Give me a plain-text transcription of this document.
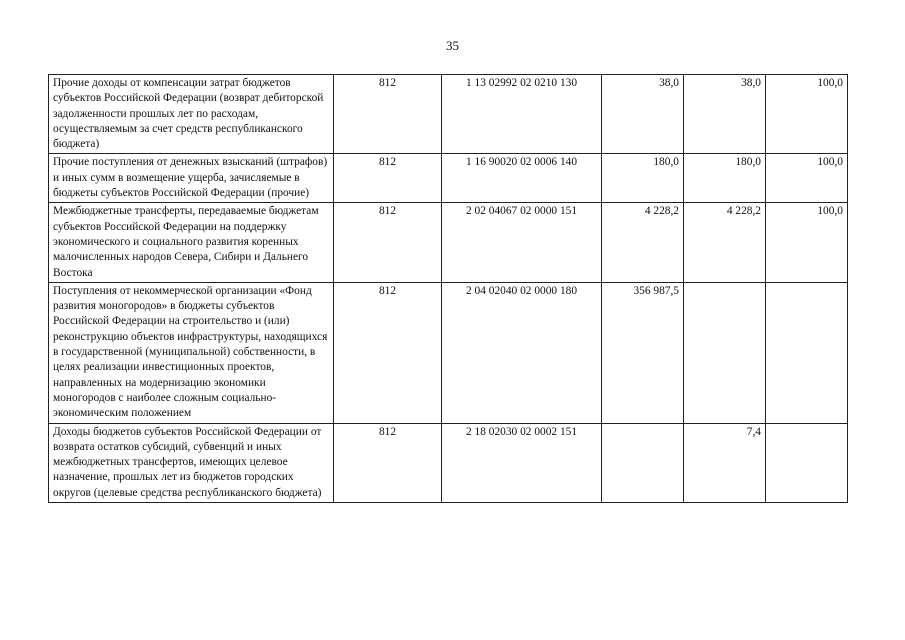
35
Прочие доходы от компенсации затрат бюджетов субъектов Российской Федерации (возврат дебиторской задолженности прошлых лет по расходам, осуществляемым за счет средств республиканского бюджета)	812	1 13 02992 02 0210 130	38,0	38,0	100,0
Прочие поступления от денежных взысканий (штрафов) и иных сумм в возмещение ущерба, зачисляемые в бюджеты субъектов Российской Федерации (прочие)	812	1 16 90020 02 0006 140	180,0	180,0	100,0
Межбюджетные трансферты, передаваемые бюджетам субъектов Российской Федерации на поддержку экономического и социального развития коренных малочисленных народов Севера, Сибири и Дальнего Востока	812	2 02 04067 02 0000 151	4 228,2	4 228,2	100,0
Поступления от некоммерческой организации «Фонд развития моногородов» в бюджеты субъектов Российской Федерации на строительство и (или) реконструкцию объектов инфраструктуры, находящихся в государственной (муниципальной) собственности, в целях реализации инвестиционных проектов, направленных на модернизацию экономики моногородов с наиболее сложным социально-экономическим положением	812	2 04 02040 02 0000 180	356 987,5		
Доходы бюджетов субъектов Российской Федерации от возврата остатков субсидий, субвенций и иных межбюджетных трансфертов, имеющих целевое назначение, прошлых лет из бюджетов городских округов (целевые средства республиканского бюджета)	812	2 18 02030 02 0002 151		7,4	
